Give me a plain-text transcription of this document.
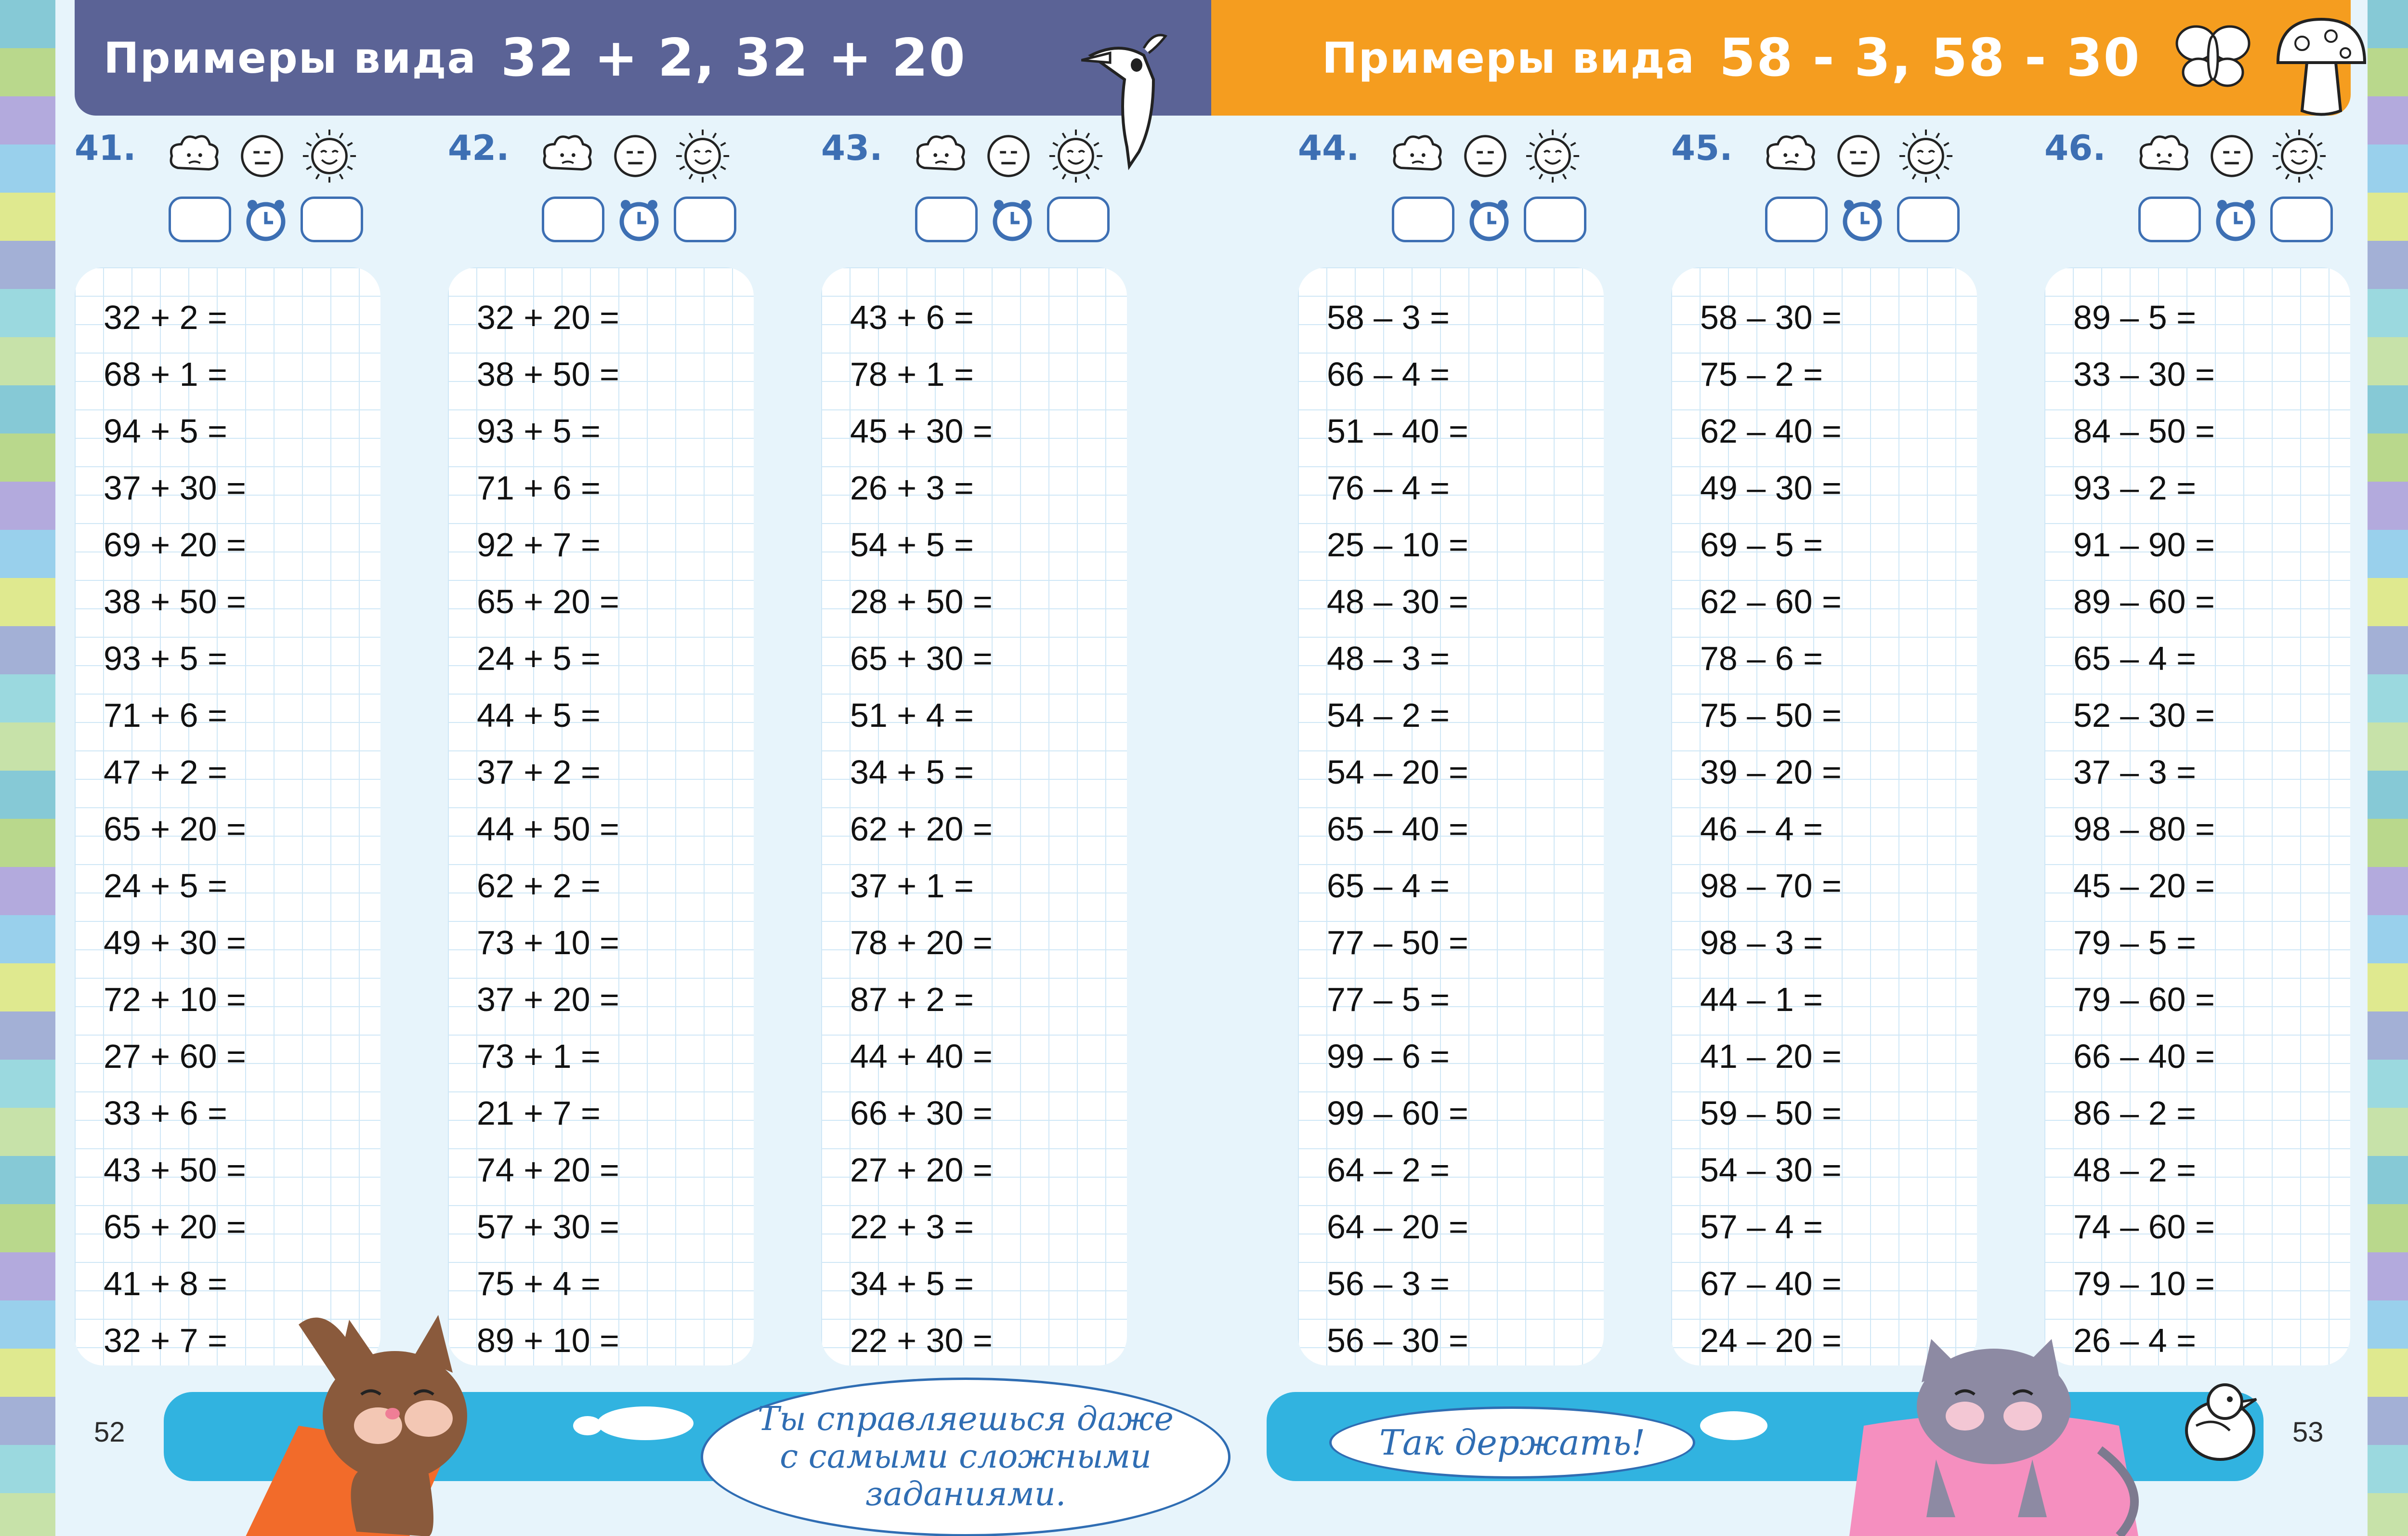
Примеры вида 32 + 2, 32 + 20	Примеры вида 58 - 3, 58 - 30
41.	42.	43.	44.	45.	46.
32 + 2 =
68 + 1 =
94 + 5 =
37 + 30 =
69 + 20 =
38 + 50 =
93 + 5 =
71 + 6 =
47 + 2 =
65 + 20 =
24 + 5 =
49 + 30 =
72 + 10 =
27 + 60 =
33 + 6 =
43 + 50 =
65 + 20 =
41 + 8 =
32 + 7 =
32 + 20 =
38 + 50 =
93 + 5 =
71 + 6 =
92 + 7 =
65 + 20 =
24 + 5 =
44 + 5 =
37 + 2 =
44 + 50 =
62 + 2 =
73 + 10 =
37 + 20 =
73 + 1 =
21 + 7 =
74 + 20 =
57 + 30 =
75 + 4 =
89 + 10 =
43 + 6 =
78 + 1 =
45 + 30 =
26 + 3 =
54 + 5 =
28 + 50 =
65 + 30 =
51 + 4 =
34 + 5 =
62 + 20 =
37 + 1 =
78 + 20 =
87 + 2 =
44 + 40 =
66 + 30 =
27 + 20 =
22 + 3 =
34 + 5 =
22 + 30 =
58 – 3 =
66 – 4 =
51 – 40 =
76 – 4 =
25 – 10 =
48 – 30 =
48 – 3 =
54 – 2 =
54 – 20 =
65 – 40 =
65 – 4 =
77 – 50 =
77 – 5 =
99 – 6 =
99 – 60 =
64 – 2 =
64 – 20 =
56 – 3 =
56 – 30 =
58 – 30 =
75 – 2 =
62 – 40 =
49 – 30 =
69 – 5 =
62 – 60 =
78 – 6 =
75 – 50 =
39 – 20 =
46 – 4 =
98 – 70 =
98 – 3 =
44 – 1 =
41 – 20 =
59 – 50 =
54 – 30 =
57 – 4 =
67 – 40 =
24 – 20 =
89 – 5 =
33 – 30 =
84 – 50 =
93 – 2 =
91 – 90 =
89 – 60 =
65 – 4 =
52 – 30 =
37 – 3 =
98 – 80 =
45 – 20 =
79 – 5 =
79 – 60 =
66 – 40 =
86 – 2 =
48 – 2 =
74 – 60 =
79 – 10 =
26 – 4 =
Ты справляешься даже с самыми сложными заданиями.
52	Так держать!	53
